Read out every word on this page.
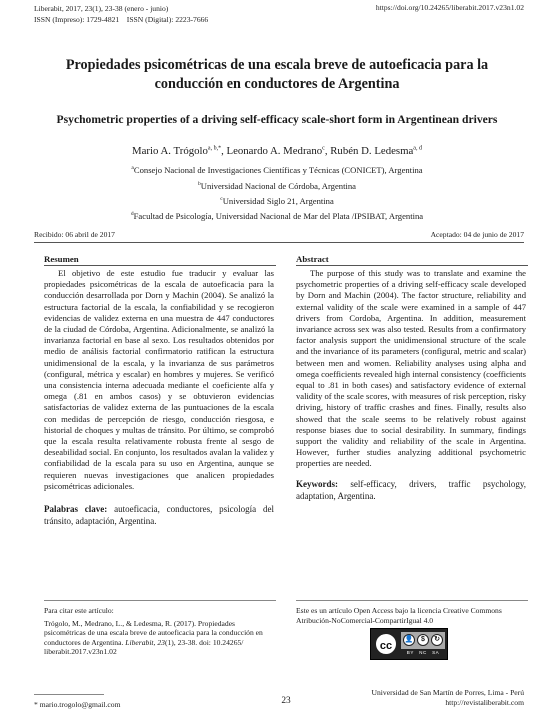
Liberabit, 2017, 23(1), 23-38 (enero - junio)
ISSN (Impreso): 1729-4821    ISSN (Digital): 2223-7666
https://doi.org/10.24265/liberabit.2017.v23n1.02
Propiedades psicométricas de una escala breve de autoeficacia para la conducción en conductores de Argentina
Psychometric properties of a driving self-efficacy scale-short form in Argentinean drivers
Mario A. Trógolo$^{a, b,*}$, Leonardo A. Medrano$^c$, Rubén D. Ledesma$^{a, d}$
$^a$Consejo Nacional de Investigaciones Científicas y Técnicas (CONICET), Argentina
$^b$Universidad Nacional de Córdoba, Argentina
$^c$Universidad Siglo 21, Argentina
$^d$Facultad de Psicología, Universidad Nacional de Mar del Plata /IPSIBAT, Argentina
Recibido: 06 abril de 2017	Aceptado: 04 de junio de 2017
Resumen

El objetivo de este estudio fue traducir y evaluar las propiedades psicométricas de la escala de autoeficacia para la conducción desarrollada por Dorn y Machin (2004). Se analizó la estructura factorial de la escala, la confiabilidad y se recogieron evidencias de validez externa en una muestra de 447 conductores de la ciudad de Córdoba, Argentina. Adicionalmente, se analizó la invarianza factorial en base al sexo. Los resultados obtenidos por medio de análisis factorial confirmatorio ratifican la estructura unidimensional de la escala, y la invarianza de sus parámetros (configural, métrica y escalar) en hombres y mujeres. Se verificó una consistencia interna adecuada mediante el coeficiente alfa y omega (.81 en ambos casos) y se obtuvieron evidencias satisfactorias de validez externa de las puntuaciones de la escala con medidas de percepción de riesgo, conducción riesgosa, e historial de choques y multas de tránsito. Por último, se comprobó que la escala resulta relativamente robusta frente al sesgo de deseabilidad social. En conjunto, los resultados avalan la validez y confiabilidad de la escala para su uso en Argentina, aunque se requieren nuevas investigaciones que analicen propiedades psicométricas adicionales.

Palabras clave: autoeficacia, conductores, psicología del tránsito, adaptación, Argentina.
Abstract

The purpose of this study was to translate and examine the psychometric properties of a driving self-efficacy scale developed by Dorn and Machin (2004). The factor structure, reliability and external validity of the scale were examined in a sample of 447 drivers from Cordoba, Argentina. In addition, measurement invariance across sex was also tested. Results from a confirmatory factor analysis support the unidimensional structure of the scale and the invariance of its parameters (configural, metric and scalar) between men and women. Reliability analyses using alpha and omega coefficients revealed high internal consistency (coefficients equal to .81 in both cases) and satisfactory evidence of external validity of the scale scores, with measures of risk perception, risky driving, history of traffic crashes and fines. Finally, results also showed that the scale seems to be relatively robust against response biases due to social desirability. In summary, findings support the validity and reliability of the scale in Argentina. However, further studies analyzing additional psychometric properties are needed.

Keywords: self-efficacy, drivers, traffic psychology, adaptation, Argentina.
Para citar este artículo:
Trógolo, M., Medrano, L., & Ledesma, R. (2017). Propiedades psicométricas de una escala breve de autoeficacia para la conducción en conductores de Argentina. Liberabit, 23(1), 23-38. doi: 10.24265/ liberabit.2017.v23n1.02
Este es un artículo Open Access bajo la licencia Creative Commons Atribución-NoComercial-CompartirIgual 4.0
cc
👤	$	↻
BY   NC   SA
* mario.trogolo@gmail.com	23
Universidad de San Martín de Porres, Lima - Perú
http://revistaliberabit.com
